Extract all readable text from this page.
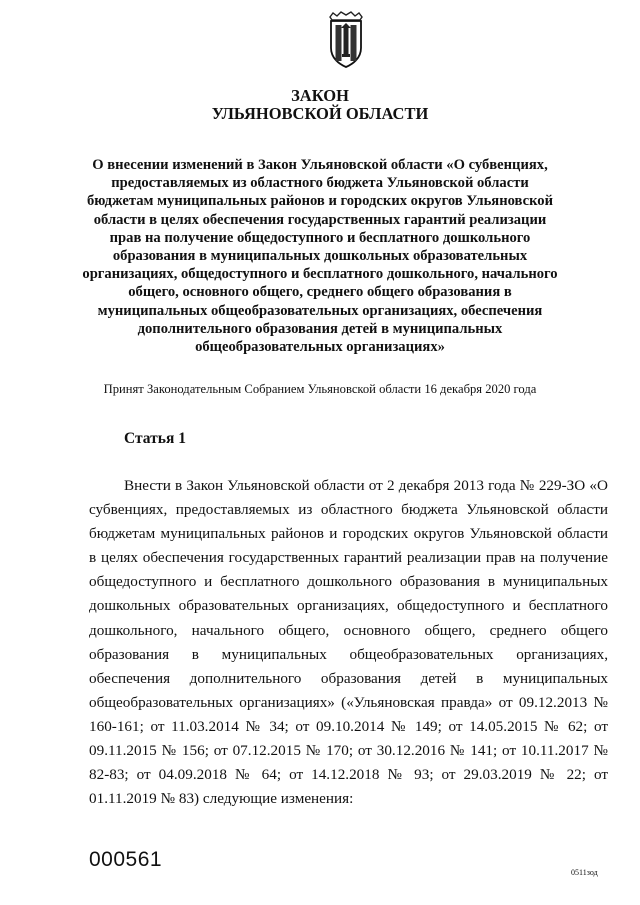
ЗАКОН
УЛЬЯНОВСКОЙ ОБЛАСТИ

О внесении изменений в Закон Ульяновской области «О субвенциях, предоставляемых из областного бюджета Ульяновской области бюджетам муниципальных районов и городских округов Ульяновской области в целях обеспечения государственных гарантий реализации прав на получение общедоступного и бесплатного дошкольного образования в муниципальных дошкольных образовательных организациях, общедоступного и бесплатного дошкольного, начального общего, основного общего, среднего общего образования в муниципальных общеобразовательных организациях, обеспечения дополнительного образования детей в муниципальных общеобразовательных организациях»

Принят Законодательным Собранием Ульяновской области 16 декабря 2020 года

Статья 1

Внести в Закон Ульяновской области от 2 декабря 2013 года № 229-ЗО «О субвенциях, предоставляемых из областного бюджета Ульяновской области бюджетам муниципальных районов и городских округов Ульяновской области в целях обеспечения государственных гарантий реализации прав на получение общедоступного и бесплатного дошкольного образования в муниципальных дошкольных образовательных организациях, общедоступного и бесплатного дошкольного, начального общего, основного общего, среднего общего образования в муниципальных общеобразовательных организациях, обеспечения дополнительного образования детей в муниципальных общеобразовательных организациях» («Ульяновская правда» от 09.12.2013 № 160-161; от 11.03.2014 № 34; от 09.10.2014 № 149; от 14.05.2015 № 62; от 09.11.2015 № 156; от 07.12.2015 № 170; от 30.12.2016 № 141; от 10.11.2017 № 82-83; от 04.09.2018 № 64; от 14.12.2018 № 93; от 29.03.2019 № 22; от 01.11.2019 № 83) следующие изменения:

000561

0511зод
